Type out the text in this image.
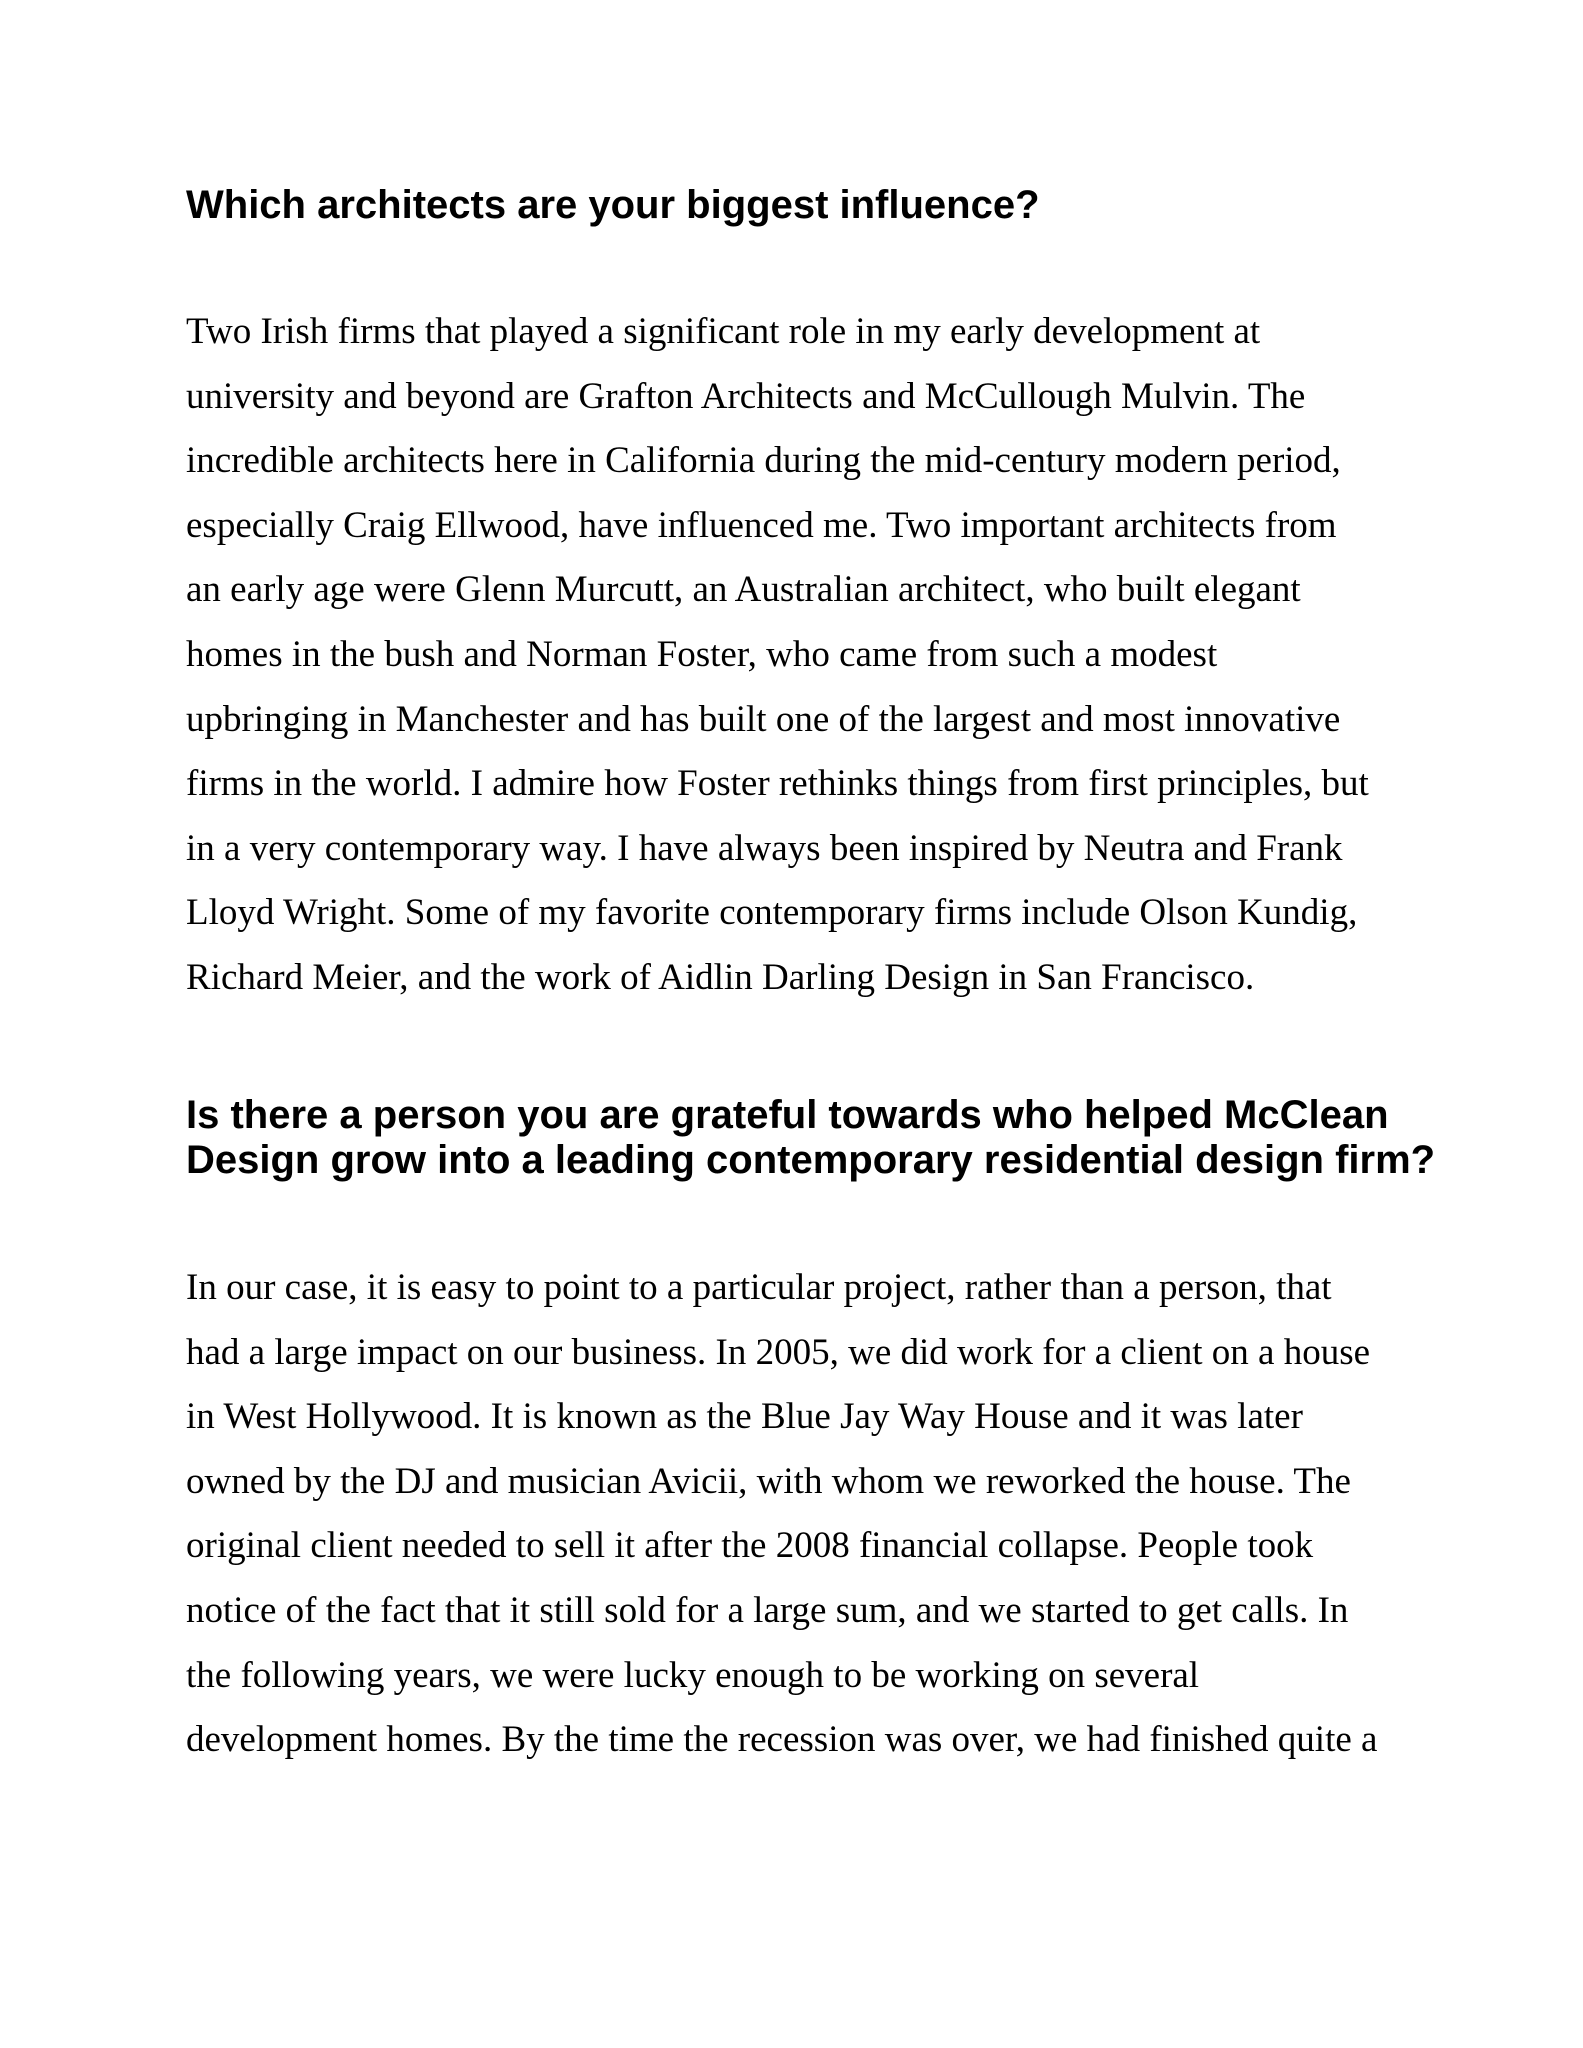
Which architects are your biggest influence?
Two Irish firms that played a significant role in my early development at
university and beyond are Grafton Architects and McCullough Mulvin. The
incredible architects here in California during the mid-century modern period,
especially Craig Ellwood, have influenced me. Two important architects from
an early age were Glenn Murcutt, an Australian architect, who built elegant
homes in the bush and Norman Foster, who came from such a modest
upbringing in Manchester and has built one of the largest and most innovative
firms in the world. I admire how Foster rethinks things from first principles, but
in a very contemporary way. I have always been inspired by Neutra and Frank
Lloyd Wright. Some of my favorite contemporary firms include Olson Kundig,
Richard Meier, and the work of Aidlin Darling Design in San Francisco.
Is there a person you are grateful towards who helped McClean
Design grow into a leading contemporary residential design firm?
In our case, it is easy to point to a particular project, rather than a person, that
had a large impact on our business. In 2005, we did work for a client on a house
in West Hollywood. It is known as the Blue Jay Way House and it was later
owned by the DJ and musician Avicii, with whom we reworked the house. The
original client needed to sell it after the 2008 financial collapse. People took
notice of the fact that it still sold for a large sum, and we started to get calls. In
the following years, we were lucky enough to be working on several
development homes. By the time the recession was over, we had finished quite a
